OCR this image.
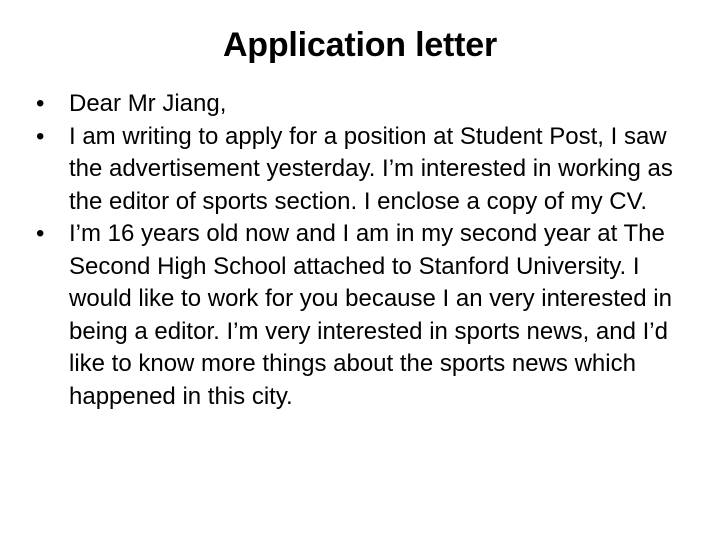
Application letter
•	Dear Mr Jiang,
•	I am writing to apply for a position at Student Post, I saw the advertisement yesterday. I’m interested in working as the editor of sports section. I enclose a copy of my CV.
•	I’m 16 years old now and I am in my second year at The Second High School attached to Stanford University. I would like to work for you because I an very interested in being a editor. I’m very interested in sports news, and I’d like to know more things about the sports news which happened in this city.
